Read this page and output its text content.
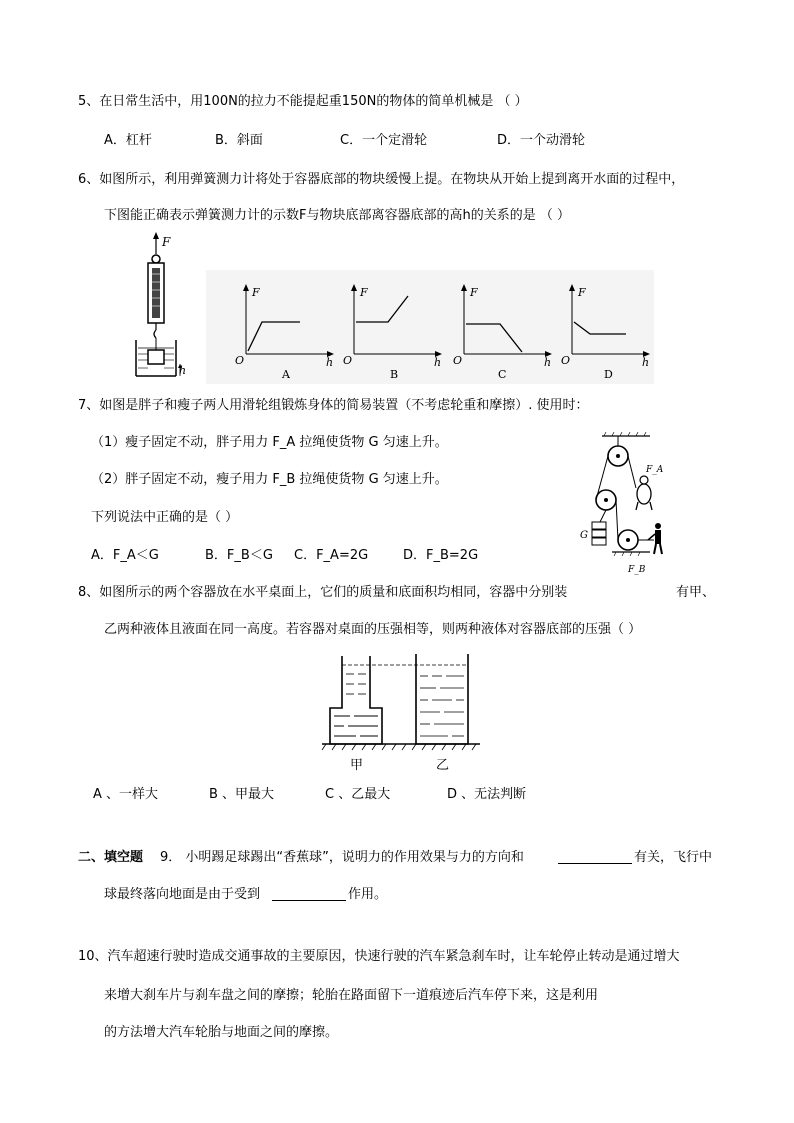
5、在日常生活中，用100N的拉力不能提起重150N的物体的简单机械是 （ ）
A．杠杆	B．斜面	C．一个定滑轮	D．一个动滑轮
6、如图所示，利用弹簧测力计将处于容器底部的物块缓慢上提。在物块从开始上提到离开水面的过程中，
下图能正确表示弹簧测力计的示数F与物块底部离容器底部的高h的关系的是 （ ）
F
h
F
O	h
A
F
O	h
B
F
O	h
C
F
O	h
D
7、如图是胖子和瘦子两人用滑轮组锻炼身体的简易装置（不考虑轮重和摩擦）. 使用时：
（1）瘦子固定不动，胖子用力 F_A 拉绳使货物 G 匀速上升。
（2）胖子固定不动，瘦子用力 F_B 拉绳使货物 G 匀速上升。
下列说法中正确的是（ ）
A．F_A＜G	B．F_B＜G C．F_A=2G	D．F_B=2G
G
F_A
F_B
8、如图所示的两个容器放在水平桌面上，它们的质量和底面积均相同，容器中分别装	有甲、
乙两种液体且液面在同一高度。若容器对桌面的压强相等，则两种液体对容器底部的压强（ ）
甲	乙
A 、一样大	B 、甲最大	C 、乙最大	D 、无法判断
二、填空题 9． 小明踢足球踢出“香蕉球”，说明力的作用效果与力的方向和	有关，飞行中
球最终落向地面是由于受到	作用。
10、汽车超速行驶时造成交通事故的主要原因，快速行驶的汽车紧急刹车时，让车轮停止转动是通过增大
来增大刹车片与刹车盘之间的摩擦；轮胎在路面留下一道痕迹后汽车停下来，这是利用
的方法增大汽车轮胎与地面之间的摩擦。
